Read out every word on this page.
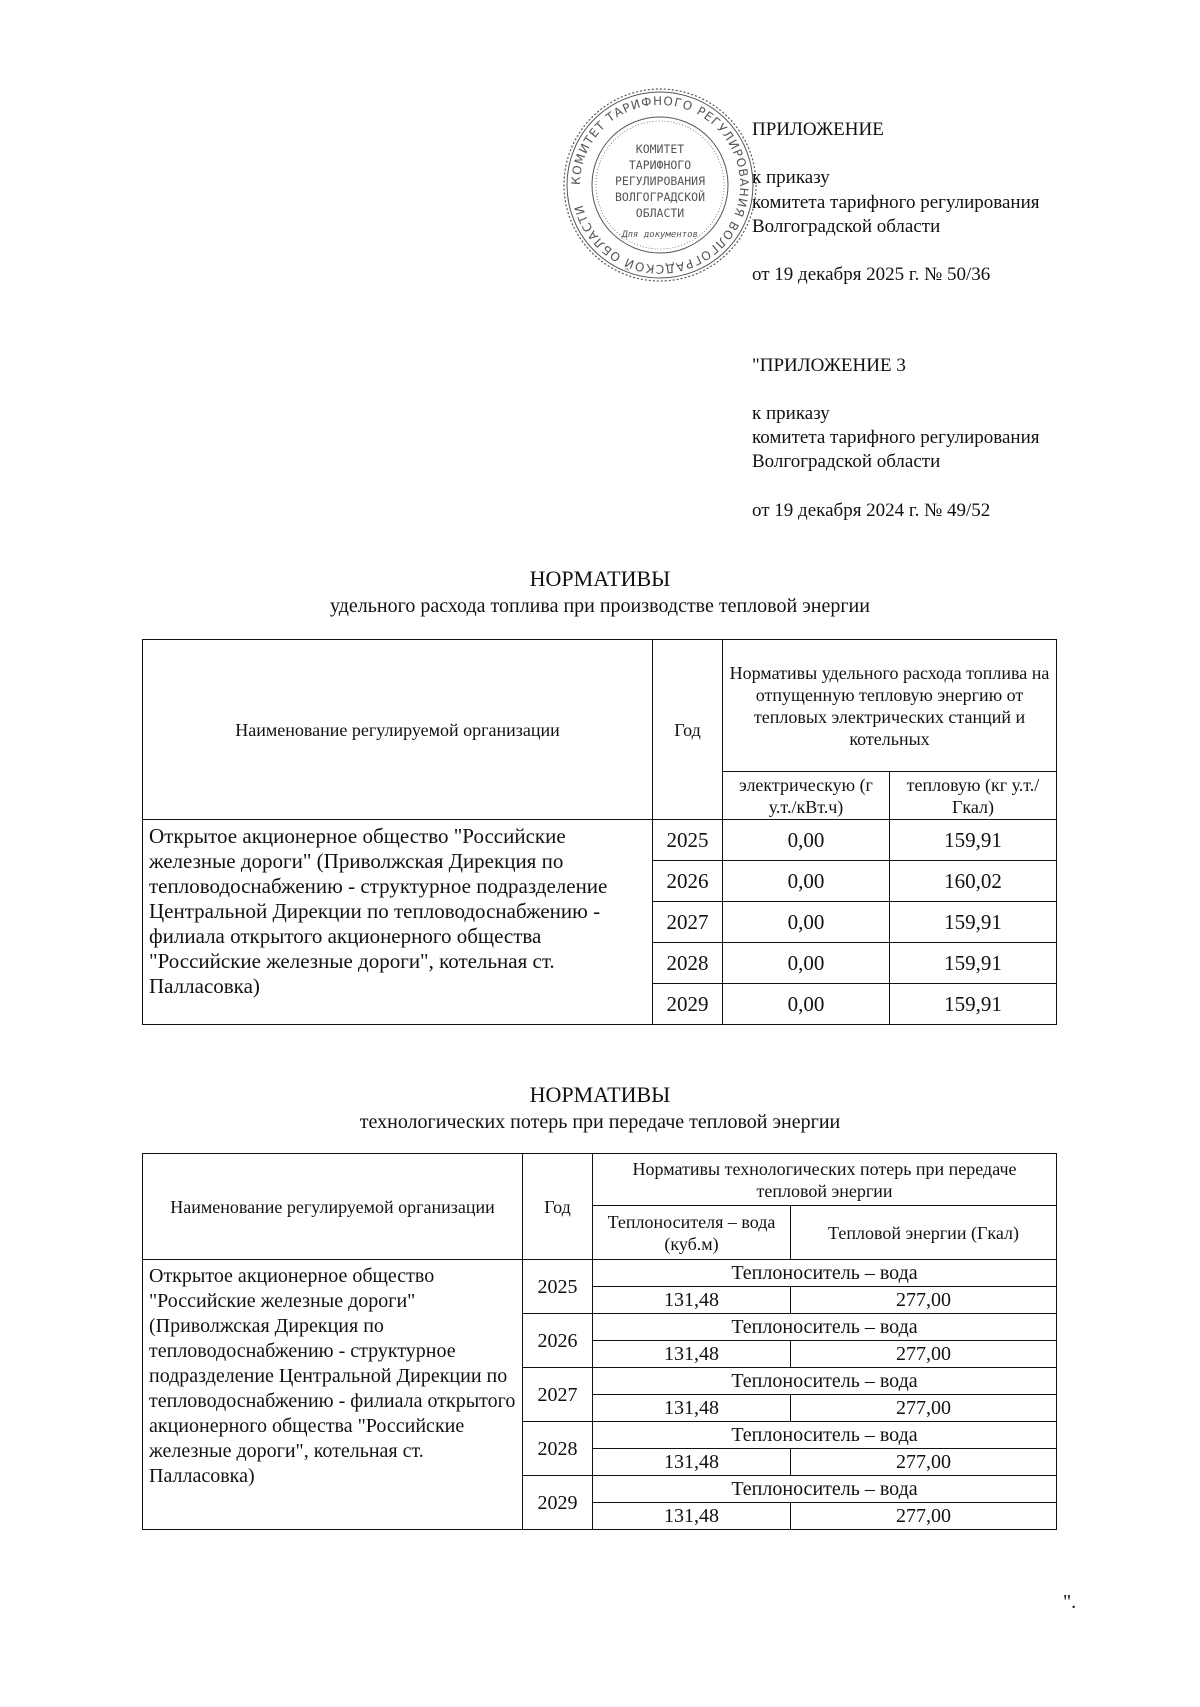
КОМИТЕТ ТАРИФНОГО РЕГУЛИРОВАНИЯ ВОЛГОГРАДСКОЙ ОБЛАСТИ
КОМИТЕТ
ТАРИФНОГО
РЕГУЛИРОВАНИЯ
ВОЛГОГРАДСКОЙ
ОБЛАСТИ
Для документов
ПРИЛОЖЕНИЕ
к приказу
комитета тарифного регулирования
Волгоградской области
от 19 декабря 2025 г. № 50/36
"ПРИЛОЖЕНИЕ 3
к приказу
комитета тарифного регулирования
Волгоградской области
от 19 декабря 2024 г. № 49/52
НОРМАТИВЫ
удельного расхода топлива при производстве тепловой энергии
Наименование регулируемой организации	Год	Нормативы удельного расхода топлива на отпущенную тепловую энергию от тепловых электрических станций и котельных	
		электрическую (г у.т./кВт.ч)	тепловую (кг у.т./Гкал)
Открытое акционерное общество "Российские железные дороги" (Приволжская Дирекция по тепловодоснабжению - структурное подразделение Центральной Дирекции по тепловодоснабжению - филиала открытого акционерного общества "Российские железные дороги", котельная ст. Палласовка)	2025	0,00	159,91
	2026	0,00	160,02
	2027	0,00	159,91
	2028	0,00	159,91
	2029	0,00	159,91
НОРМАТИВЫ
технологических потерь при передаче тепловой энергии
Наименование регулируемой организации	Год	Нормативы технологических потерь при передаче тепловой энергии	
		Теплоносителя – вода (куб.м)	Тепловой энергии (Гкал)
Открытое акционерное общество "Российские железные дороги" (Приволжская Дирекция по тепловодоснабжению - структурное подразделение Центральной Дирекции по тепловодоснабжению - филиала открытого акционерного общества "Российские железные дороги", котельная ст. Палласовка)	2025	Теплоноситель – вода	
		131,48	277,00
	2026	Теплоноситель – вода	
		131,48	277,00
	2027	Теплоноситель – вода	
		131,48	277,00
	2028	Теплоноситель – вода	
		131,48	277,00
	2029	Теплоноситель – вода	
		131,48	277,00
".
